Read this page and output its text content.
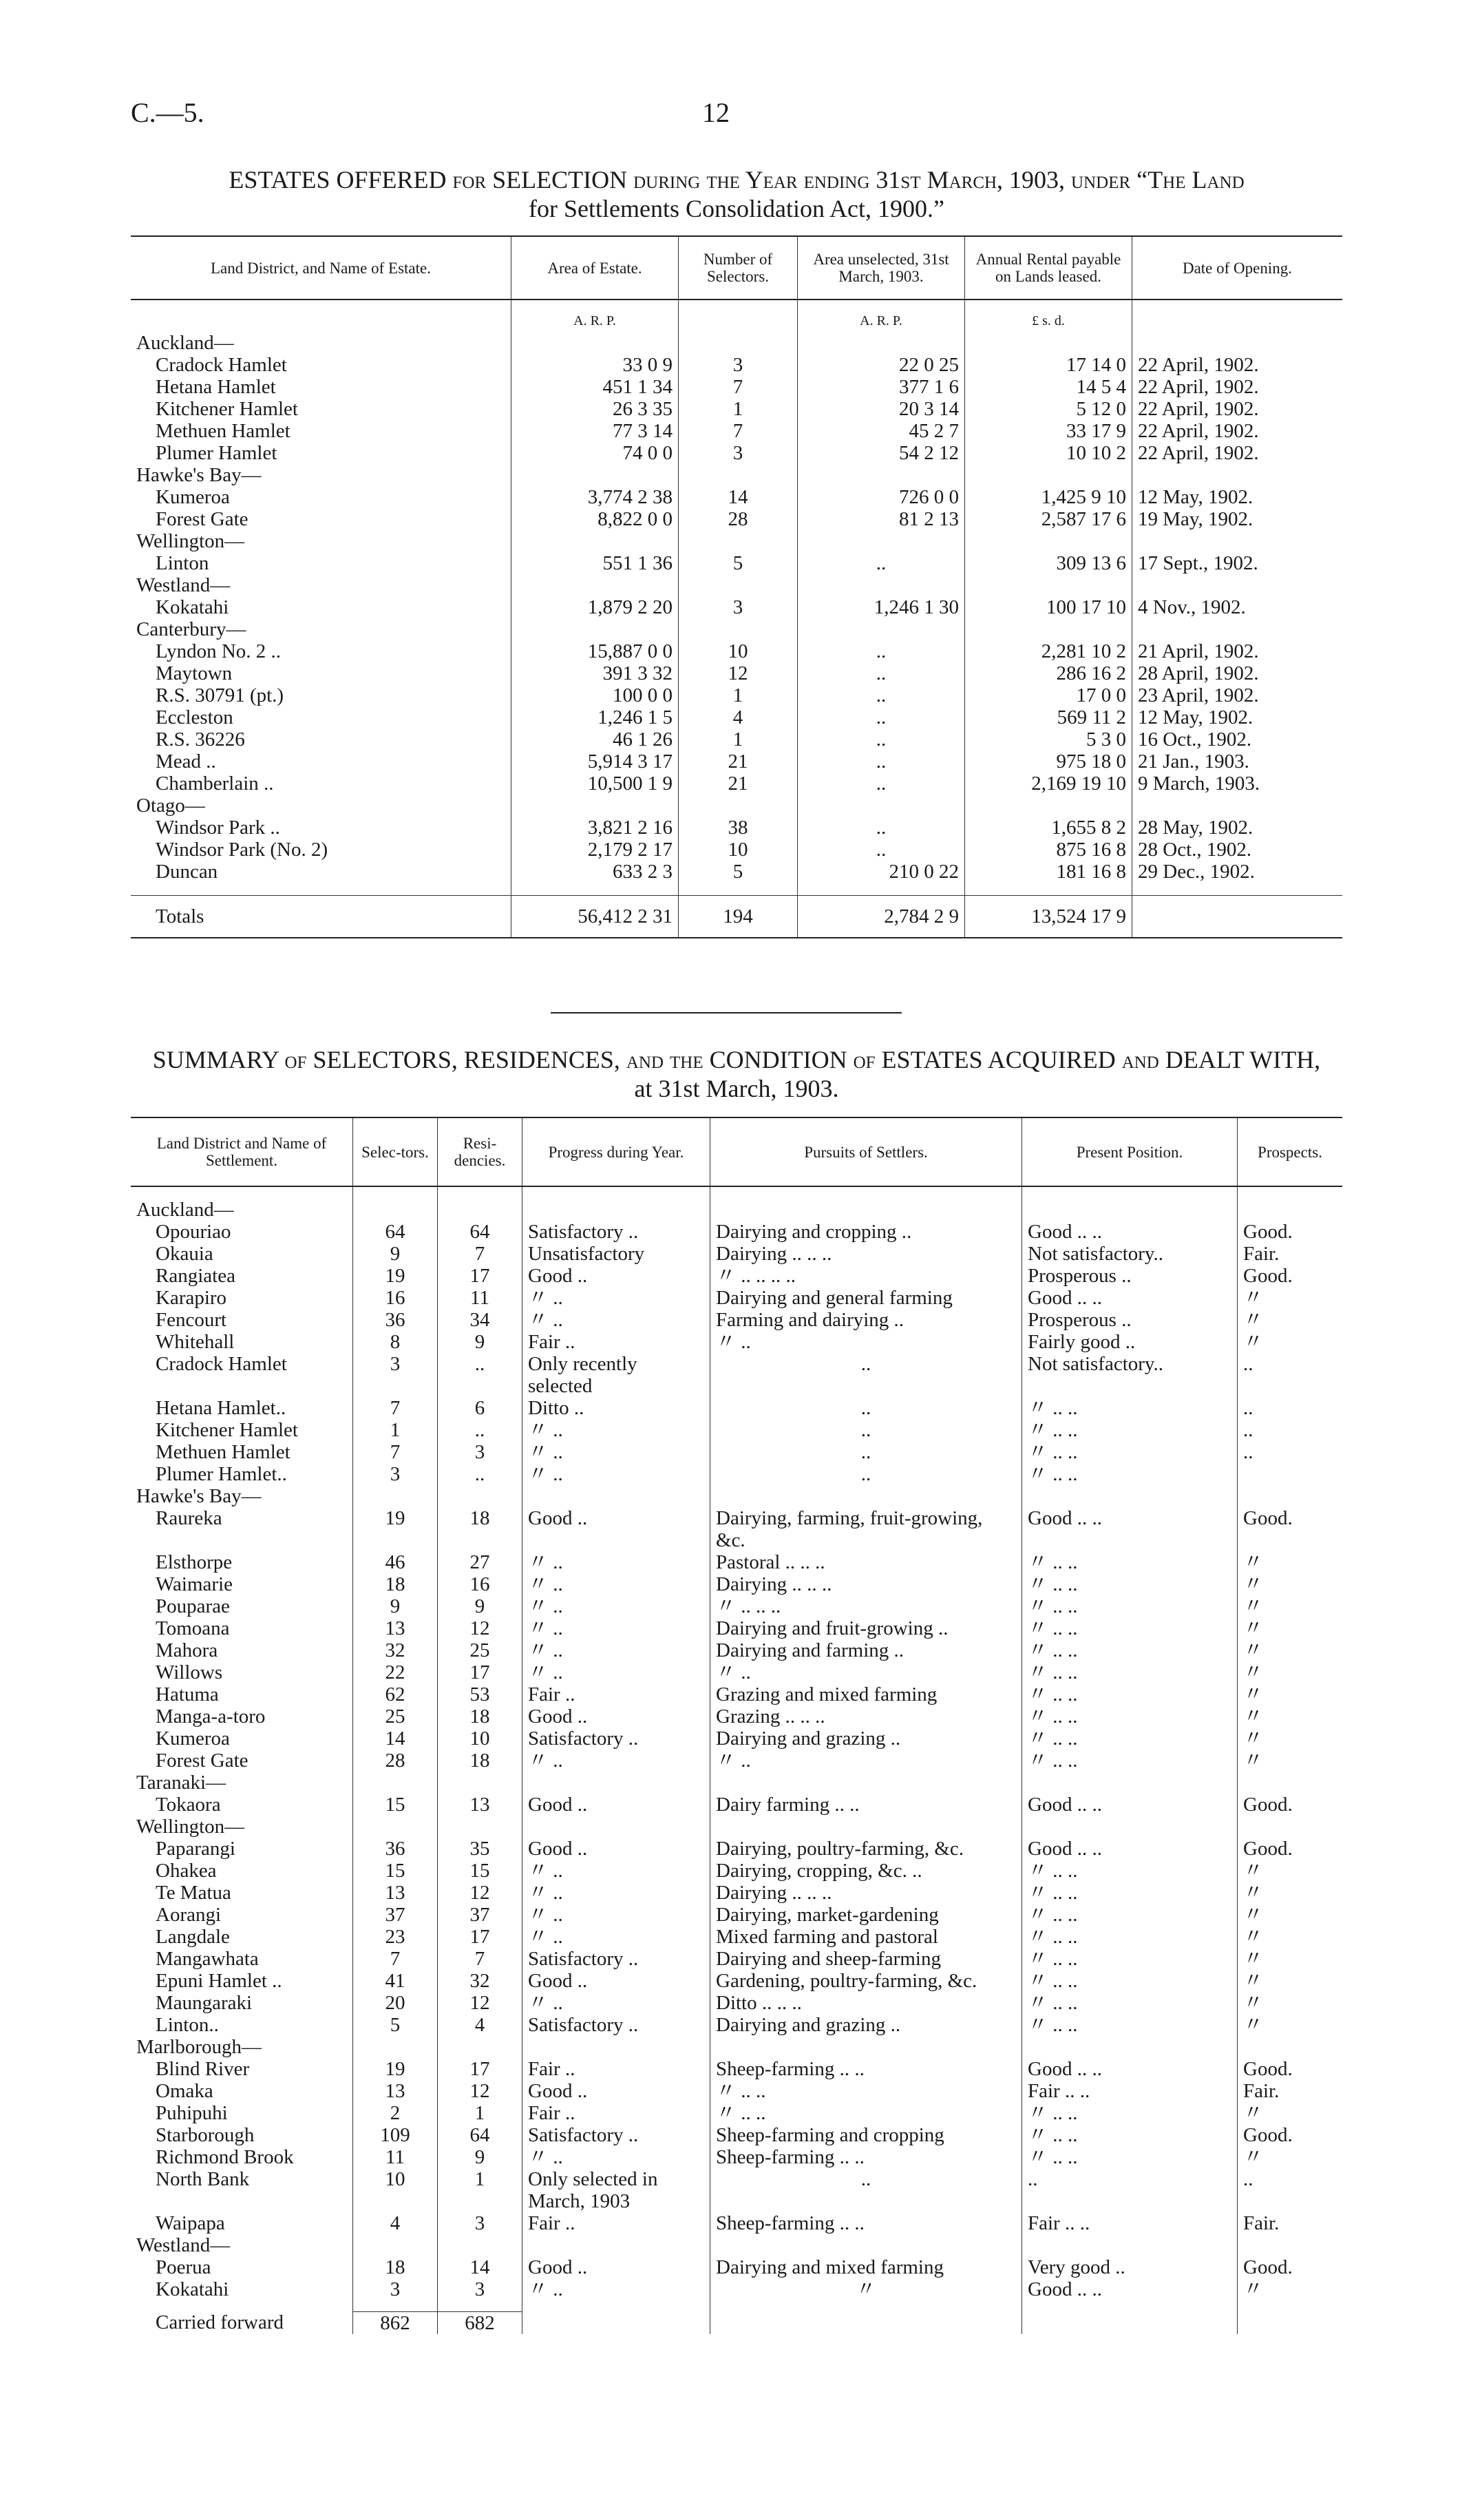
C.—5.	12
ESTATES OFFERED for SELECTION during the Year ending 31st March, 1903, under “The Land
for Settlements Consolidation Act, 1900.”
Land District, and Name of Estate.	Area of Estate.	Number of Selectors.	Area unselected, 31st March, 1903.	Annual Rental payable on Lands leased.	Date of Opening.
	A. R. P.		A. R. P.	£ s. d.	
Auckland—					
Cradock Hamlet	33 0 9	3	22 0 25	17 14 0	22 April, 1902.
Hetana Hamlet	451 1 34	7	377 1 6	14 5 4	22 April, 1902.
Kitchener Hamlet	26 3 35	1	20 3 14	5 12 0	22 April, 1902.
Methuen Hamlet	77 3 14	7	45 2 7	33 17 9	22 April, 1902.
Plumer Hamlet	74 0 0	3	54 2 12	10 10 2	22 April, 1902.
Hawke's Bay—					
Kumeroa	3,774 2 38	14	726 0 0	1,425 9 10	12 May, 1902.
Forest Gate	8,822 0 0	28	81 2 13	2,587 17 6	19 May, 1902.
Wellington—					
Linton	551 1 36	5	..	309 13 6	17 Sept., 1902.
Westland—					
Kokatahi	1,879 2 20	3	1,246 1 30	100 17 10	4 Nov., 1902.
Canterbury—					
Lyndon No. 2 ..	15,887 0 0	10	..	2,281 10 2	21 April, 1902.
Maytown	391 3 32	12	..	286 16 2	28 April, 1902.
R.S. 30791 (pt.)	100 0 0	1	..	17 0 0	23 April, 1902.
Eccleston	1,246 1 5	4	..	569 11 2	12 May, 1902.
R.S. 36226	46 1 26	1	..	5 3 0	16 Oct., 1902.
Mead ..	5,914 3 17	21	..	975 18 0	21 Jan., 1903.
Chamberlain ..	10,500 1 9	21	..	2,169 19 10	9 March, 1903.
Otago—					
Windsor Park ..	3,821 2 16	38	..	1,655 8 2	28 May, 1902.
Windsor Park (No. 2)	2,179 2 17	10	..	875 16 8	28 Oct., 1902.
Duncan	633 2 3	5	210 0 22	181 16 8	29 Dec., 1902.

Totals	56,412 2 31	194	2,784 2 9	13,524 17 9	
SUMMARY of SELECTORS, RESIDENCES, and the CONDITION of ESTATES ACQUIRED and DEALT WITH,
at 31st March, 1903.
Land District and Name of Settlement.	Selec-tors.	Resi-dencies.	Progress during Year.	Pursuits of Settlers.	Present Position.	Prospects.

Auckland—						
Opouriao	64	64	Satisfactory ..	Dairying and cropping ..	Good .. ..	Good.
Okauia	9	7	Unsatisfactory	Dairying .. .. ..	Not satisfactory..	Fair.
Rangiatea	19	17	Good ..	〃 .. .. .. ..	Prosperous ..	Good.
Karapiro	16	11	〃 ..	Dairying and general farming	Good .. ..	〃
Fencourt	36	34	〃 ..	Farming and dairying ..	Prosperous ..	〃
Whitehall	8	9	Fair ..	〃 ..	Fairly good ..	〃
Cradock Hamlet	3	..	Only recently selected	..	Not satisfactory..	..
Hetana Hamlet..	7	6	Ditto ..	..	〃 .. ..	..
Kitchener Hamlet	1	..	〃 ..	..	〃 .. ..	..
Methuen Hamlet	7	3	〃 ..	..	〃 .. ..	..
Plumer Hamlet..	3	..	〃 ..	..	〃 .. ..	
Hawke's Bay—						
Raureka	19	18	Good ..	Dairying, farming, fruit-growing, &c.	Good .. ..	Good.
Elsthorpe	46	27	〃 ..	Pastoral .. .. ..	〃 .. ..	〃
Waimarie	18	16	〃 ..	Dairying .. .. ..	〃 .. ..	〃
Pouparae	9	9	〃 ..	〃 .. .. ..	〃 .. ..	〃
Tomoana	13	12	〃 ..	Dairying and fruit-growing ..	〃 .. ..	〃
Mahora	32	25	〃 ..	Dairying and farming ..	〃 .. ..	〃
Willows	22	17	〃 ..	〃 ..	〃 .. ..	〃
Hatuma	62	53	Fair ..	Grazing and mixed farming	〃 .. ..	〃
Manga-a-toro	25	18	Good ..	Grazing .. .. ..	〃 .. ..	〃
Kumeroa	14	10	Satisfactory ..	Dairying and grazing ..	〃 .. ..	〃
Forest Gate	28	18	〃 ..	〃 ..	〃 .. ..	〃
Taranaki—						
Tokaora	15	13	Good ..	Dairy farming .. ..	Good .. ..	Good.
Wellington—						
Paparangi	36	35	Good ..	Dairying, poultry-farming, &c.	Good .. ..	Good.
Ohakea	15	15	〃 ..	Dairying, cropping, &c. ..	〃 .. ..	〃
Te Matua	13	12	〃 ..	Dairying .. .. ..	〃 .. ..	〃
Aorangi	37	37	〃 ..	Dairying, market-gardening	〃 .. ..	〃
Langdale	23	17	〃 ..	Mixed farming and pastoral	〃 .. ..	〃
Mangawhata	7	7	Satisfactory ..	Dairying and sheep-farming	〃 .. ..	〃
Epuni Hamlet ..	41	32	Good ..	Gardening, poultry-farming, &c.	〃 .. ..	〃
Maungaraki	20	12	〃 ..	Ditto .. .. ..	〃 .. ..	〃
Linton..	5	4	Satisfactory ..	Dairying and grazing ..	〃 .. ..	〃
Marlborough—						
Blind River	19	17	Fair ..	Sheep-farming .. ..	Good .. ..	Good.
Omaka	13	12	Good ..	〃 .. ..	Fair .. ..	Fair.
Puhipuhi	2	1	Fair ..	〃 .. ..	〃 .. ..	〃
Starborough	109	64	Satisfactory ..	Sheep-farming and cropping	〃 .. ..	Good.
Richmond Brook	11	9	〃 ..	Sheep-farming .. ..	〃 .. ..	〃
North Bank	10	1	Only selected in March, 1903	..	..	..
Waipapa	4	3	Fair ..	Sheep-farming .. ..	Fair .. ..	Fair.
Westland—						
Poerua	18	14	Good ..	Dairying and mixed farming	Very good ..	Good.
Kokatahi	3	3	〃 ..	〃	Good .. ..	〃

Carried forward	862	682				
